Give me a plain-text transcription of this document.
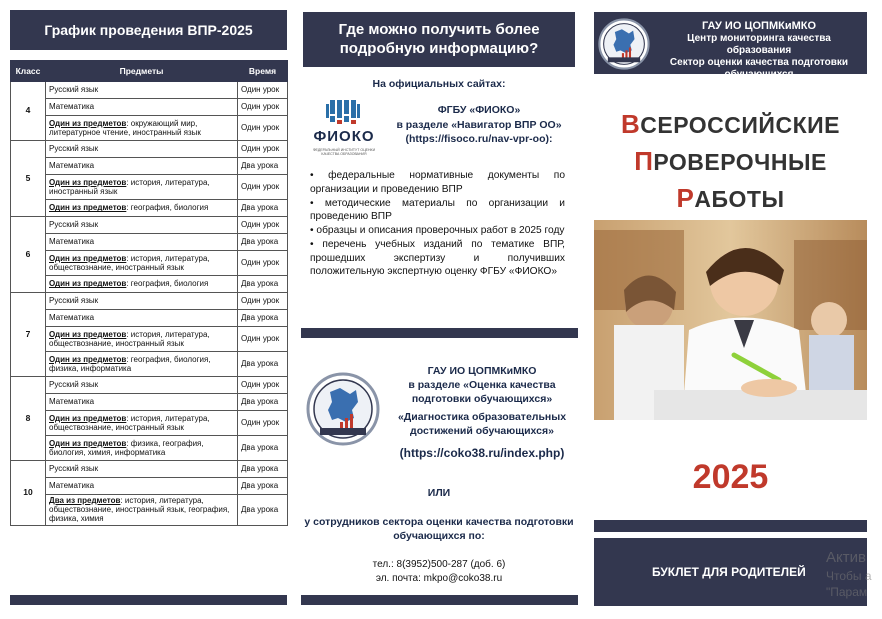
График проведения ВПР-2025
Класс	Предметы	Время
4	Русский язык	Один урок
	Математика	Один урок
	Один из предметов: окружающий мир, литературное чтение, иностранный язык	Один урок
5	Русский язык	Один урок
	Математика	Два урока
	Один из предметов: история, литература, иностранный язык	Один урок
	Один из предметов: география, биология	Два урока
6	Русский язык	Один урок
	Математика	Два урока
	Один из предметов: история, литература, обществознание, иностранный язык	Один урок
	Один из предметов: география, биология	Два урока
7	Русский язык	Один урок
	Математика	Два урока
	Один из предметов: история, литература, обществознание, иностранный язык	Один урок
	Один из предметов: география, биология, физика, информатика	Два урока
8	Русский язык	Один урок
	Математика	Два урока
	Один из предметов: история, литература, обществознание, иностранный язык	Один урок
	Один из предметов: физика, география, биология, химия, информатика	Два урока
10	Русский язык	Два урока
	Математика	Два урока
	Два из предметов: история, литература, обществознание, иностранный язык, география, физика, химия	Два урока
Где можно получить более подробную информацию?
На официальных сайтах:
ФИОКО
ФЕДЕРАЛЬНЫЙ ИНСТИТУТ ОЦЕНКИ КАЧЕСТВА ОБРАЗОВАНИЯ
ФГБУ «ФИОКО»
в разделе «Навигатор ВПР ОО»
(https://fisoco.ru/nav-vpr-oo):
• федеральные нормативные документы по организации и проведению ВПР
• методические материалы по организации и проведению ВПР
• образцы и описания проверочных работ в 2025 году
• перечень учебных изданий по тематике ВПР, прошедших экспертизу и получивших положительную экспертную оценку ФГБУ «ФИОКО»
ГАУ ИО ЦОПМКиМКО
в разделе «Оценка качества подготовки обучающихся»
«Диагностика образовательных достижений обучающихся»
(https://coko38.ru/index.php)
ИЛИ
у сотрудников сектора оценки качества подготовки обучающихся по:
тел.: 8(3952)500-287 (доб. 6)
эл. почта: mkpo@coko38.ru
ГАУ ИО ЦОПМКиМКО
Центр мониторинга качества образования
Сектор оценки качества подготовки обучающихся
ВСЕРОССИЙСКИЕ
ПРОВЕРОЧНЫЕ
РАБОТЫ
2025
БУКЛЕТ ДЛЯ РОДИТЕЛЕЙ
Актив
Чтобы а
"Парам
